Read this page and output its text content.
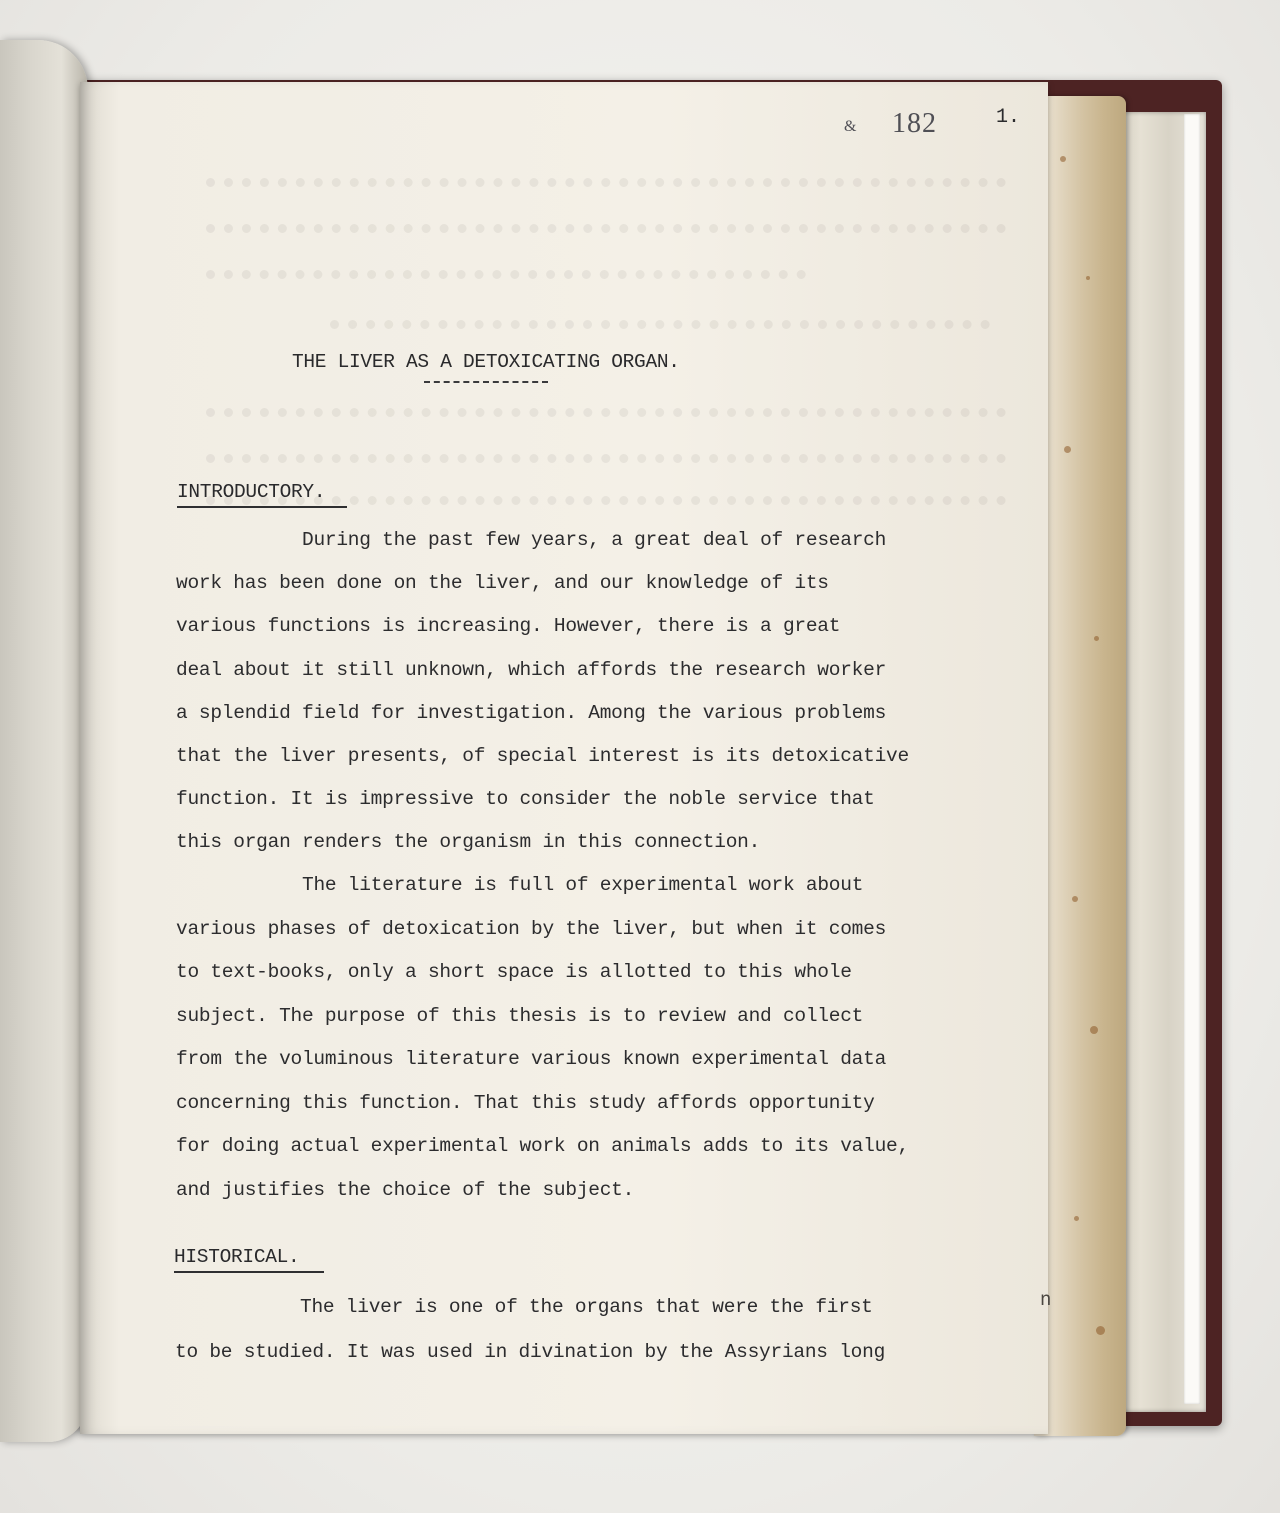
& 182	1.
THE LIVER AS A DETOXICATING ORGAN.
INTRODUCTORY.
During the past few years, a great deal of research
work has been done on the liver, and our knowledge of its
various functions is increasing. However, there is a great
deal about it still unknown, which affords the research worker
a splendid field for investigation. Among the various problems
that the liver presents, of special interest is its detoxicative
function. It is impressive to consider the noble service that
this organ renders the organism in this connection.
The literature is full of experimental work about
various phases of detoxication by the liver, but when it comes
to text-books, only a short space is allotted to this whole
subject. The purpose of this thesis is to review and collect
from the voluminous literature various known experimental data
concerning this function. That this study affords opportunity
for doing actual experimental work on animals adds to its value,
and justifies the choice of the subject.
HISTORICAL.
The liver is one of the organs that were the first
to be studied. It was used in divination by the Assyrians long
n
